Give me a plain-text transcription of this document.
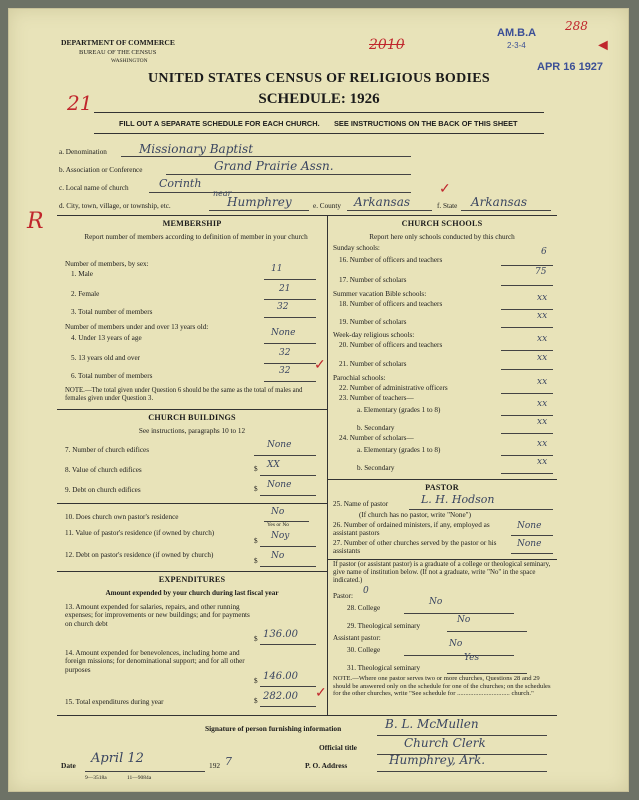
DEPARTMENT OF COMMERCE
BUREAU OF THE CENSUS
WASHINGTON
UNITED STATES CENSUS OF RELIGIOUS BODIES
SCHEDULE: 1926
FILL OUT A SEPARATE SCHEDULE FOR EACH CHURCH. SEE INSTRUCTIONS ON THE BACK OF THIS SHEET
AM.B.A
2-3-4
APR 16 1927
288
◄
2010
21
R
a. Denomination	Missionary Baptist
b. Association or Conference	Grand Prairie Assn.
c. Local name of church	Corinth
d. City, town, village, or township, etc.
near
Humphrey	e. County Arkansas	f. State Arkansas
✓
MEMBERSHIP
Report number of members according to definition of member in your church
Number of members, by sex:
1. Male	11
2. Female	21
3. Total number of members	32
Number of members under and over 13 years old:
4. Under 13 years of age	None
5. 13 years old and over	32
6. Total number of members	32 ✓
NOTE.—The total given under Question 6 should be the same as the total of males and females given under Question 3.
CHURCH BUILDINGS
See instructions, paragraphs 10 to 12
7. Number of church edifices	None
8. Value of church edifices	$ XX
9. Debt on church edifices	$ None
10. Does church own pastor's residence	No
Yes or No
11. Value of pastor's residence (if owned by church)
$ Noy
12. Debt on pastor's residence (if owned by church)
$ No
EXPENDITURES
Amount expended by your church during last fiscal year
13. Amount expended for salaries, repairs, and other running expenses; for improvements or new buildings; and for payments on church debt
$ 136.00
14. Amount expended for benevolences, including home and foreign missions; for denominational support; and for all other purposes
$ 146.00
15. Total expenditures during year	$ 282.00 ✓
CHURCH SCHOOLS
Report here only schools conducted by this church
Sunday schools:
16. Number of officers and teachers
6
17. Number of scholars
75
Summer vacation Bible schools:
18. Number of officers and teachers
xx
19. Number of scholars
xx
Week-day religious schools:
20. Number of officers and teachers
xx
21. Number of scholars
xx
Parochial schools:
22. Number of administrative officers
xx
23. Number of teachers—
a. Elementary (grades 1 to 8)
xx
b. Secondary
xx
24. Number of scholars—
a. Elementary (grades 1 to 8)
xx
b. Secondary
xx
PASTOR
25. Name of pastor	L. H. Hodson
(If church has no pastor, write "None")
26. Number of ordained ministers, if any, employed as assistant pastors
None
27. Number of other churches served by the pastor or his assistants
None
If pastor (or assistant pastor) is a graduate of a college or theological seminary, give name of institution below. (If not a graduate, write "No" in the space indicated.)
Pastor: 0
28. College
No
29. Theological seminary
No
Assistant pastor:
30. College
No
31. Theological seminary
Yes
NOTE.—Where one pastor serves two or more churches, Questions 28 and 29 should be answered only on the schedule for one of the churches; on the schedules for the other churches, write "See schedule for ................................ church."
Signature of person furnishing information	B. L. McMullen
Official title	Church Clerk
Date April 12	192 7	P. O. Address	Humphrey, Ark.
9—3518a	11—9084a
